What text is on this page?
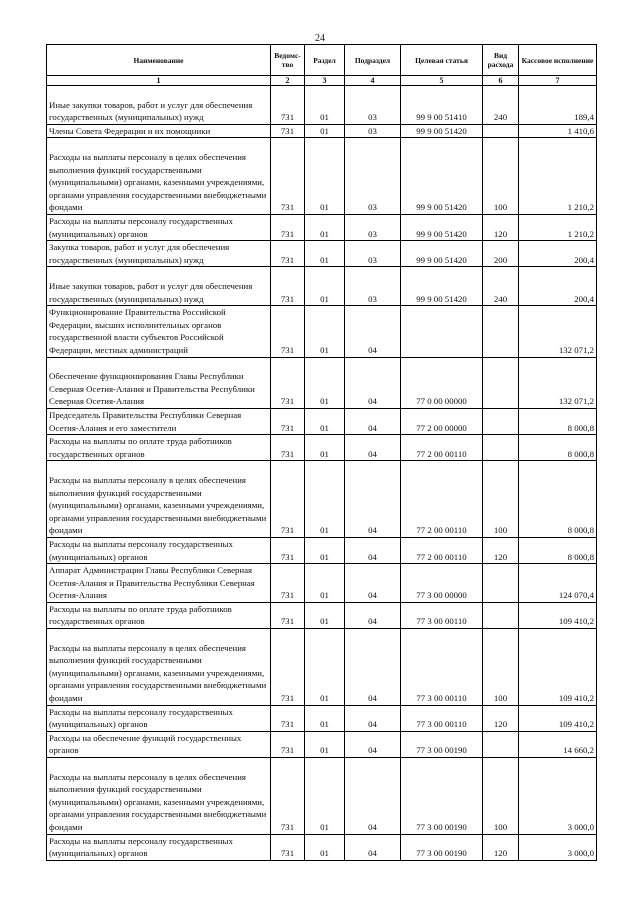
24
Наименование	Ведомс-тво	Раздел	Подраздел	Целевая статья	Вид расхода	Кассовое исполнение
1	2	3	4	5	6	7
Иные закупки товаров, работ и услуг для обеспечения государственных (муниципальных) нужд	731	01	03	99 9 00 51410	240	189,4
Члены Совета Федерации и их помощники	731	01	03	99 9 00 51420		1 410,6
Расходы на выплаты персоналу в целях обеспечения выполнения функций государственными (муниципальными) органами, казенными учреждениями, органами управления государственными внебюджетными фондами	731	01	03	99 9 00 51420	100	1 210,2
Расходы на выплаты персоналу государственных (муниципальных) органов	731	01	03	99 9 00 51420	120	1 210,2
Закупка товаров, работ и услуг для обеспечения государственных (муниципальных) нужд	731	01	03	99 9 00 51420	200	200,4
Иные закупки товаров, работ и услуг для обеспечения государственных (муниципальных) нужд	731	01	03	99 9 00 51420	240	200,4
Функционирование Правительства Российской Федерации, высших исполнительных органов государственной власти субъектов Российской Федерации, местных администраций	731	01	04			132 071,2
Обеспечение функционирования Главы Республики Северная Осетия-Алания и Правительства Республики Северная Осетия-Алания	731	01	04	77 0 00 00000		132 071,2
Председатель Правительства Республики Северная Осетия-Алания и его заместители	731	01	04	77 2 00 00000		8 000,8
Расходы на выплаты по оплате труда работников государственных органов	731	01	04	77 2 00 00110		8 000,8
Расходы на выплаты персоналу в целях обеспечения выполнения функций государственными (муниципальными) органами, казенными учреждениями, органами управления государственными внебюджетными фондами	731	01	04	77 2 00 00110	100	8 000,8
Расходы на выплаты персоналу государственных (муниципальных) органов	731	01	04	77 2 00 00110	120	8 000,8
Аппарат Администрации Главы Республики Северная Осетия-Алания и Правительства Республики Северная Осетия-Алания	731	01	04	77 3 00 00000		124 070,4
Расходы на выплаты по оплате труда работников государственных органов	731	01	04	77 3 00 00110		109 410,2
Расходы на выплаты персоналу в целях обеспечения выполнения функций государственными (муниципальными) органами, казенными учреждениями, органами управления государственными внебюджетными фондами	731	01	04	77 3 00 00110	100	109 410,2
Расходы на выплаты персоналу государственных (муниципальных) органов	731	01	04	77 3 00 00110	120	109 410,2
Расходы на обеспечение функций государственных органов	731	01	04	77 3 00 00190		14 660,2
Расходы на выплаты персоналу в целях обеспечения выполнения функций государственными (муниципальными) органами, казенными учреждениями, органами управления государственными внебюджетными фондами	731	01	04	77 3 00 00190	100	3 000,0
Расходы на выплаты персоналу государственных (муниципальных) органов	731	01	04	77 3 00 00190	120	3 000,0
